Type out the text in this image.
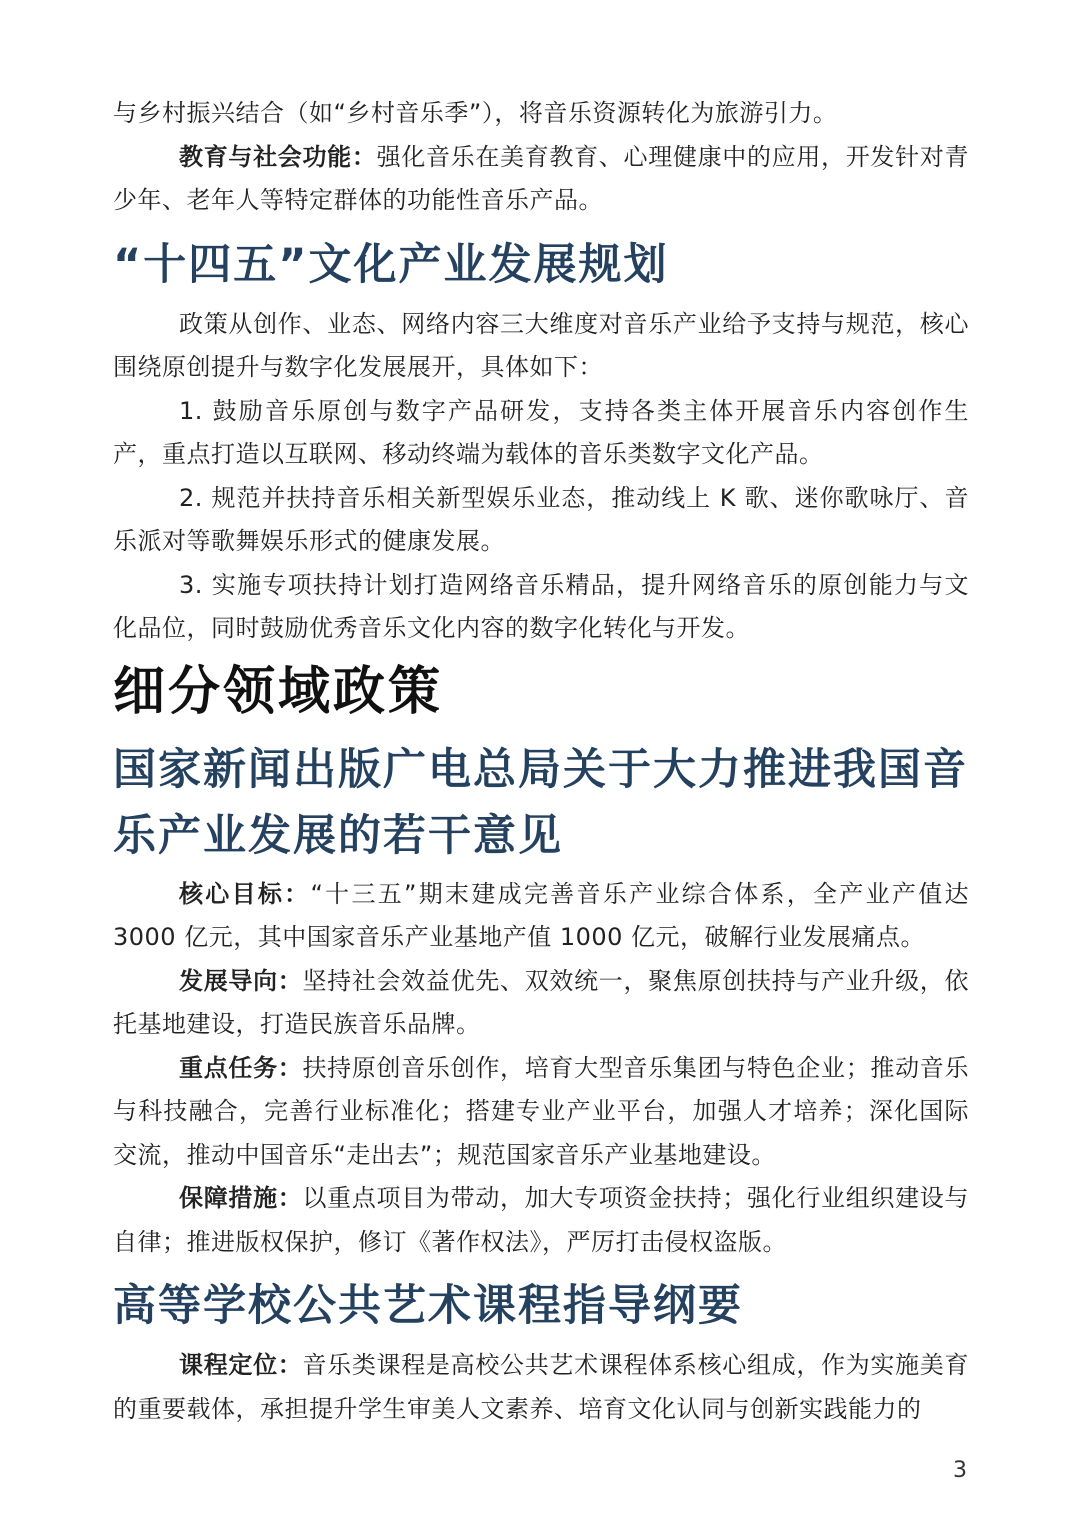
与乡村振兴结合（如“乡村音乐季”），将音乐资源转化为旅游引力。

教育与社会功能：强化音乐在美育教育、心理健康中的应用，开发针对青少年、老年人等特定群体的功能性音乐产品。

“十四五”文化产业发展规划

政策从创作、业态、网络内容三大维度对音乐产业给予支持与规范，核心围绕原创提升与数字化发展展开，具体如下：

1. 鼓励音乐原创与数字产品研发，支持各类主体开展音乐内容创作生产，重点打造以互联网、移动终端为载体的音乐类数字文化产品。

2. 规范并扶持音乐相关新型娱乐业态，推动线上 K 歌、迷你歌咏厅、音乐派对等歌舞娱乐形式的健康发展。

3. 实施专项扶持计划打造网络音乐精品，提升网络音乐的原创能力与文化品位，同时鼓励优秀音乐文化内容的数字化转化与开发。

细分领域政策
国家新闻出版广电总局关于大力推进我国音乐产业发展的若干意见

核心目标：“十三五”期末建成完善音乐产业综合体系，全产业产值达 3000 亿元，其中国家音乐产业基地产值 1000 亿元，破解行业发展痛点。

发展导向：坚持社会效益优先、双效统一，聚焦原创扶持与产业升级，依托基地建设，打造民族音乐品牌。

重点任务：扶持原创音乐创作，培育大型音乐集团与特色企业；推动音乐与科技融合，完善行业标准化；搭建专业产业平台，加强人才培养；深化国际交流，推动中国音乐“走出去”；规范国家音乐产业基地建设。

保障措施：以重点项目为带动，加大专项资金扶持；强化行业组织建设与自律；推进版权保护，修订《著作权法》，严厉打击侵权盗版。

高等学校公共艺术课程指导纲要

课程定位：音乐类课程是高校公共艺术课程体系核心组成，作为实施美育的重要载体，承担提升学生审美人文素养、培育文化认同与创新实践能力的

3
